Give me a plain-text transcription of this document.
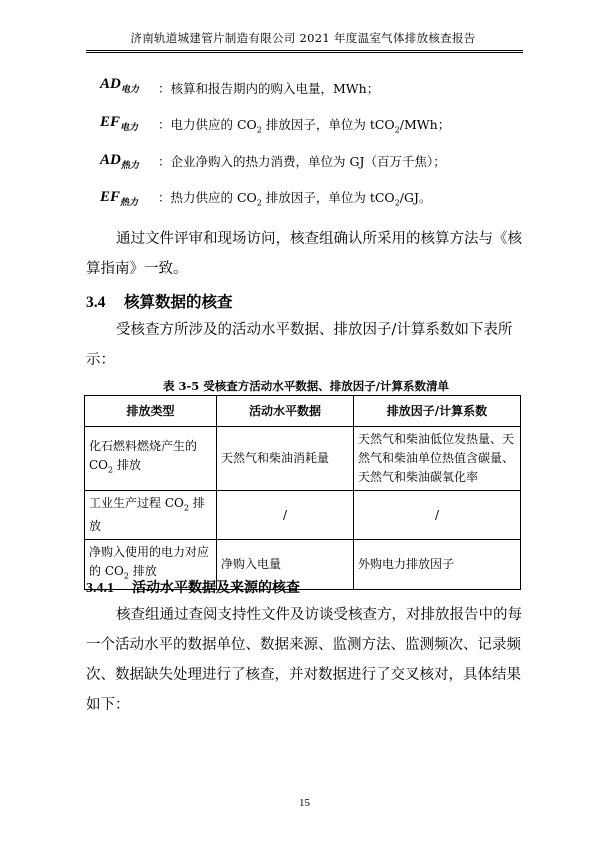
济南轨道城建管片制造有限公司 2021 年度温室气体排放核查报告
$AD_{电力}$	：核算和报告期内的购入电量，MWh；
$EF_{电力}$	：电力供应的 $CO_2$ 排放因子，单位为 tCO$_2$/MWh；
$AD_{热力}$	：企业净购入的热力消费，单位为 GJ（百万千焦）；
$EF_{热力}$	：热力供应的 $CO_2$ 排放因子，单位为 tCO$_2$/GJ。
通过文件评审和现场访问，核查组确认所采用的核算方法与《核
算指南》一致。
3.4 核算数据的核查
受核查方所涉及的活动水平数据、排放因子/计算系数如下表所
示：
表 3-5 受核查方活动水平数据、排放因子/计算系数清单
排放类型	活动水平数据	排放因子/计算系数
化石燃料燃烧产生的 $CO_2$ 排放	天然气和柴油消耗量	天然气和柴油低位发热量、天然气和柴油单位热值含碳量、天然气和柴油碳氧化率
工业生产过程 $CO_2$ 排放	/	/
净购入使用的电力对应的 $CO_2$ 排放	净购入电量	外购电力排放因子
3.4.1 活动水平数据及来源的核查
核查组通过查阅支持性文件及访谈受核查方，对排放报告中的每
一个活动水平的数据单位、数据来源、监测方法、监测频次、记录频
次、数据缺失处理进行了核查，并对数据进行了交叉核对，具体结果
如下：
15
